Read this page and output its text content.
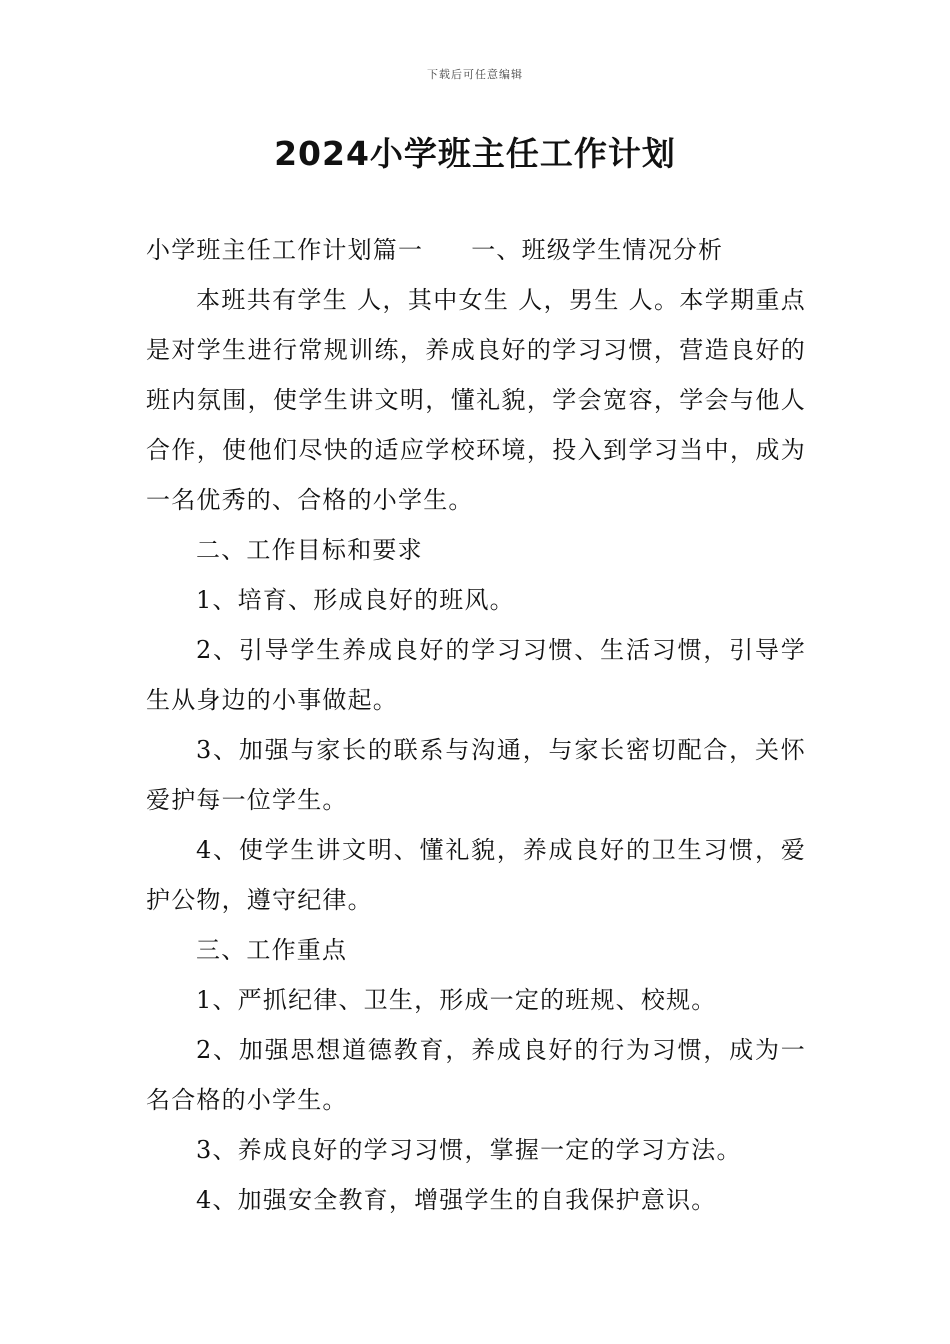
下载后可任意编辑
2024小学班主任工作计划

小学班主任工作计划篇一 一、班级学生情况分析

本班共有学生 人，其中女生 人，男生 人。本学期重点是对学生进行常规训练，养成良好的学习习惯，营造良好的班内氛围，使学生讲文明，懂礼貌，学会宽容，学会与他人合作，使他们尽快的适应学校环境，投入到学习当中，成为一名优秀的、合格的小学生。

二、工作目标和要求

1、培育、形成良好的班风。

2、引导学生养成良好的学习习惯、生活习惯，引导学生从身边的小事做起。

3、加强与家长的联系与沟通，与家长密切配合，关怀爱护每一位学生。

4、使学生讲文明、懂礼貌，养成良好的卫生习惯，爱护公物，遵守纪律。

三、工作重点

1、严抓纪律、卫生，形成一定的班规、校规。

2、加强思想道德教育，养成良好的行为习惯，成为一名合格的小学生。

3、养成良好的学习习惯，掌握一定的学习方法。

4、加强安全教育，增强学生的自我保护意识。
